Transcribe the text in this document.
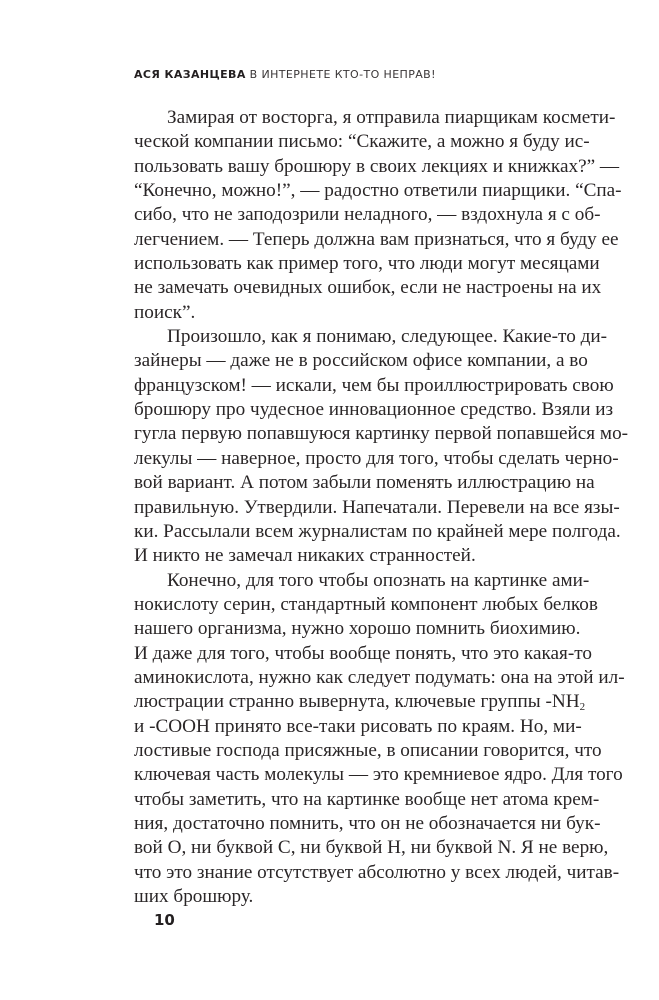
АСЯ КАЗАНЦЕВА В ИНТЕРНЕТЕ КТО-ТО НЕПРАВ!
Замирая от восторга, я отправила пиарщикам космети-
ческой компании письмо: “Скажите, а можно я буду ис-
пользовать вашу брошюру в своих лекциях и книжках?” —
“Конечно, можно!”, — радостно ответили пиарщики. “Спа-
сибо, что не заподозрили неладного, — вздохнула я с об-
легчением. — Теперь должна вам признаться, что я буду ее
использовать как пример того, что люди могут месяцами
не замечать очевидных ошибок, если не настроены на их
поиск”.
Произошло, как я понимаю, следующее. Какие-то ди-
зайнеры — даже не в российском офисе компании, а во
французском! — искали, чем бы проиллюстрировать свою
брошюру про чудесное инновационное средство. Взяли из
гугла первую попавшуюся картинку первой попавшейся мо-
лекулы — наверное, просто для того, чтобы сделать черно-
вой вариант. А потом забыли поменять иллюстрацию на
правильную. Утвердили. Напечатали. Перевели на все язы-
ки. Рассылали всем журналистам по крайней мере полгода.
И никто не замечал никаких странностей.
Конечно, для того чтобы опознать на картинке ами-
нокислоту серин, стандартный компонент любых белков
нашего организма, нужно хорошо помнить биохимию.
И даже для того, чтобы вообще понять, что это какая-то
аминокислота, нужно как следует подумать: она на этой ил-
люстрации странно вывернута, ключевые группы $-NH_2$
и -COOH принято все-таки рисовать по краям. Но, ми-
лостивые господа присяжные, в описании говорится, что
ключевая часть молекулы — это кремниевое ядро. Для того
чтобы заметить, что на картинке вообще нет атома крем-
ния, достаточно помнить, что он не обозначается ни бук-
вой O, ни буквой C, ни буквой H, ни буквой N. Я не верю,
что это знание отсутствует абсолютно у всех людей, читав-
ших брошюру.
10
